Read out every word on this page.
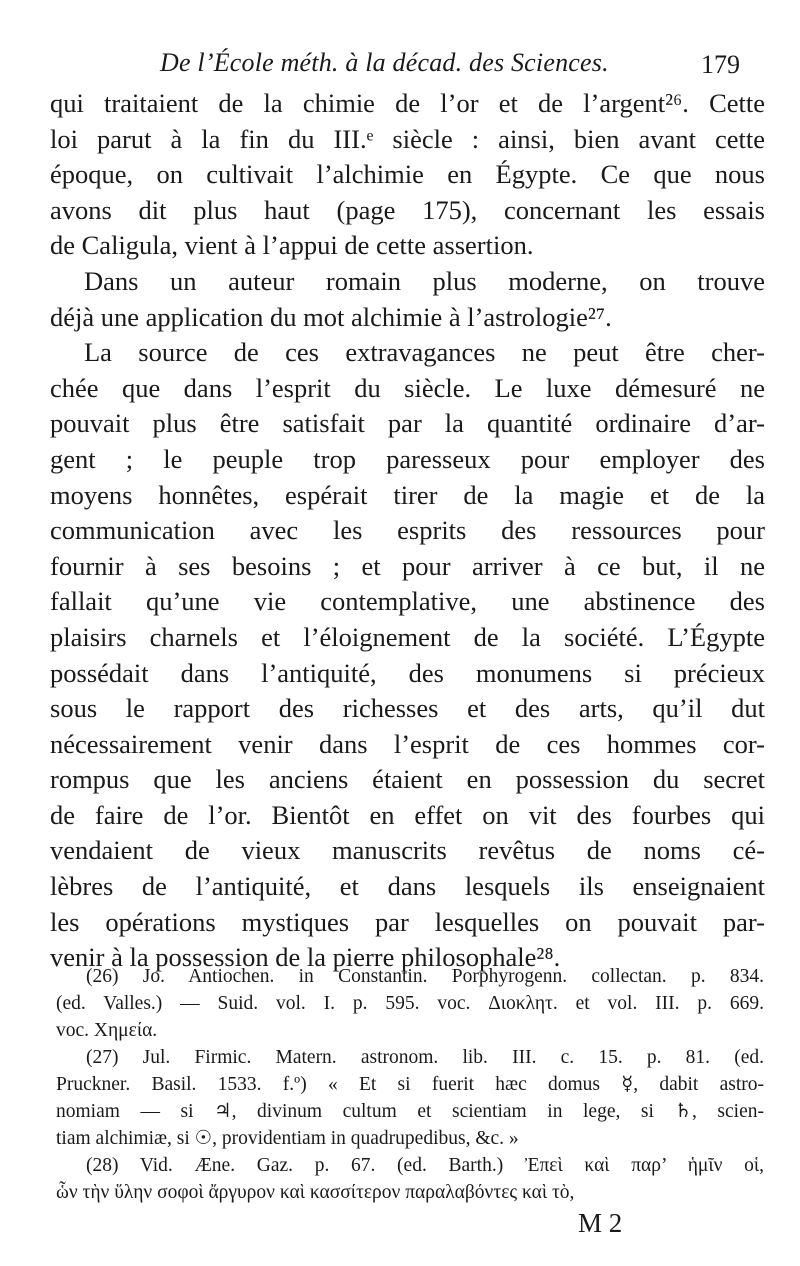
De l’École méth. à la décad. des Sciences.	179
qui traitaient de la chimie de l’or et de l’argent²⁶. Cette
loi parut à la fin du III.ᵉ siècle : ainsi, bien avant cette
époque, on cultivait l’alchimie en Égypte. Ce que nous
avons dit plus haut (page 175), concernant les essais
de Caligula, vient à l’appui de cette assertion.
Dans un auteur romain plus moderne, on trouve
déjà une application du mot alchimie à l’astrologie²⁷.
La source de ces extravagances ne peut être cher-
chée que dans l’esprit du siècle. Le luxe démesuré ne
pouvait plus être satisfait par la quantité ordinaire d’ar-
gent ; le peuple trop paresseux pour employer des
moyens honnêtes, espérait tirer de la magie et de la
communication avec les esprits des ressources pour
fournir à ses besoins ; et pour arriver à ce but, il ne
fallait qu’une vie contemplative, une abstinence des
plaisirs charnels et l’éloignement de la société. L’Égypte
possédait dans l’antiquité, des monumens si précieux
sous le rapport des richesses et des arts, qu’il dut
nécessairement venir dans l’esprit de ces hommes cor-
rompus que les anciens étaient en possession du secret
de faire de l’or. Bientôt en effet on vit des fourbes qui
vendaient de vieux manuscrits revêtus de noms cé-
lèbres de l’antiquité, et dans lesquels ils enseignaient
les opérations mystiques par lesquelles on pouvait par-
venir à la possession de la pierre philosophale²⁸.
(26) Jo. Antiochen. in Constantin. Porphyrogenn. collectan. p. 834.
(ed. Valles.) — Suid. vol. I. p. 595. voc. Διοκλητ. et vol. III. p. 669.
voc. Χημεία.
(27) Jul. Firmic. Matern. astronom. lib. III. c. 15. p. 81. (ed.
Pruckner. Basil. 1533. f.º) « Et si fuerit hæc domus ☿, dabit astro-
nomiam — si ♃, divinum cultum et scientiam in lege, si ♄, scien-
tiam alchimiæ, si ☉, providentiam in quadrupedibus, &c. »
(28) Vid. Æne. Gaz. p. 67. (ed. Barth.) Ἐπεὶ καὶ παρ’ ἡμῖν οἱ,
ὧν τὴν ὕλην σοφοὶ ἄργυρον καὶ κασσίτερον παραλαβόντες καὶ τὸ,
M 2
